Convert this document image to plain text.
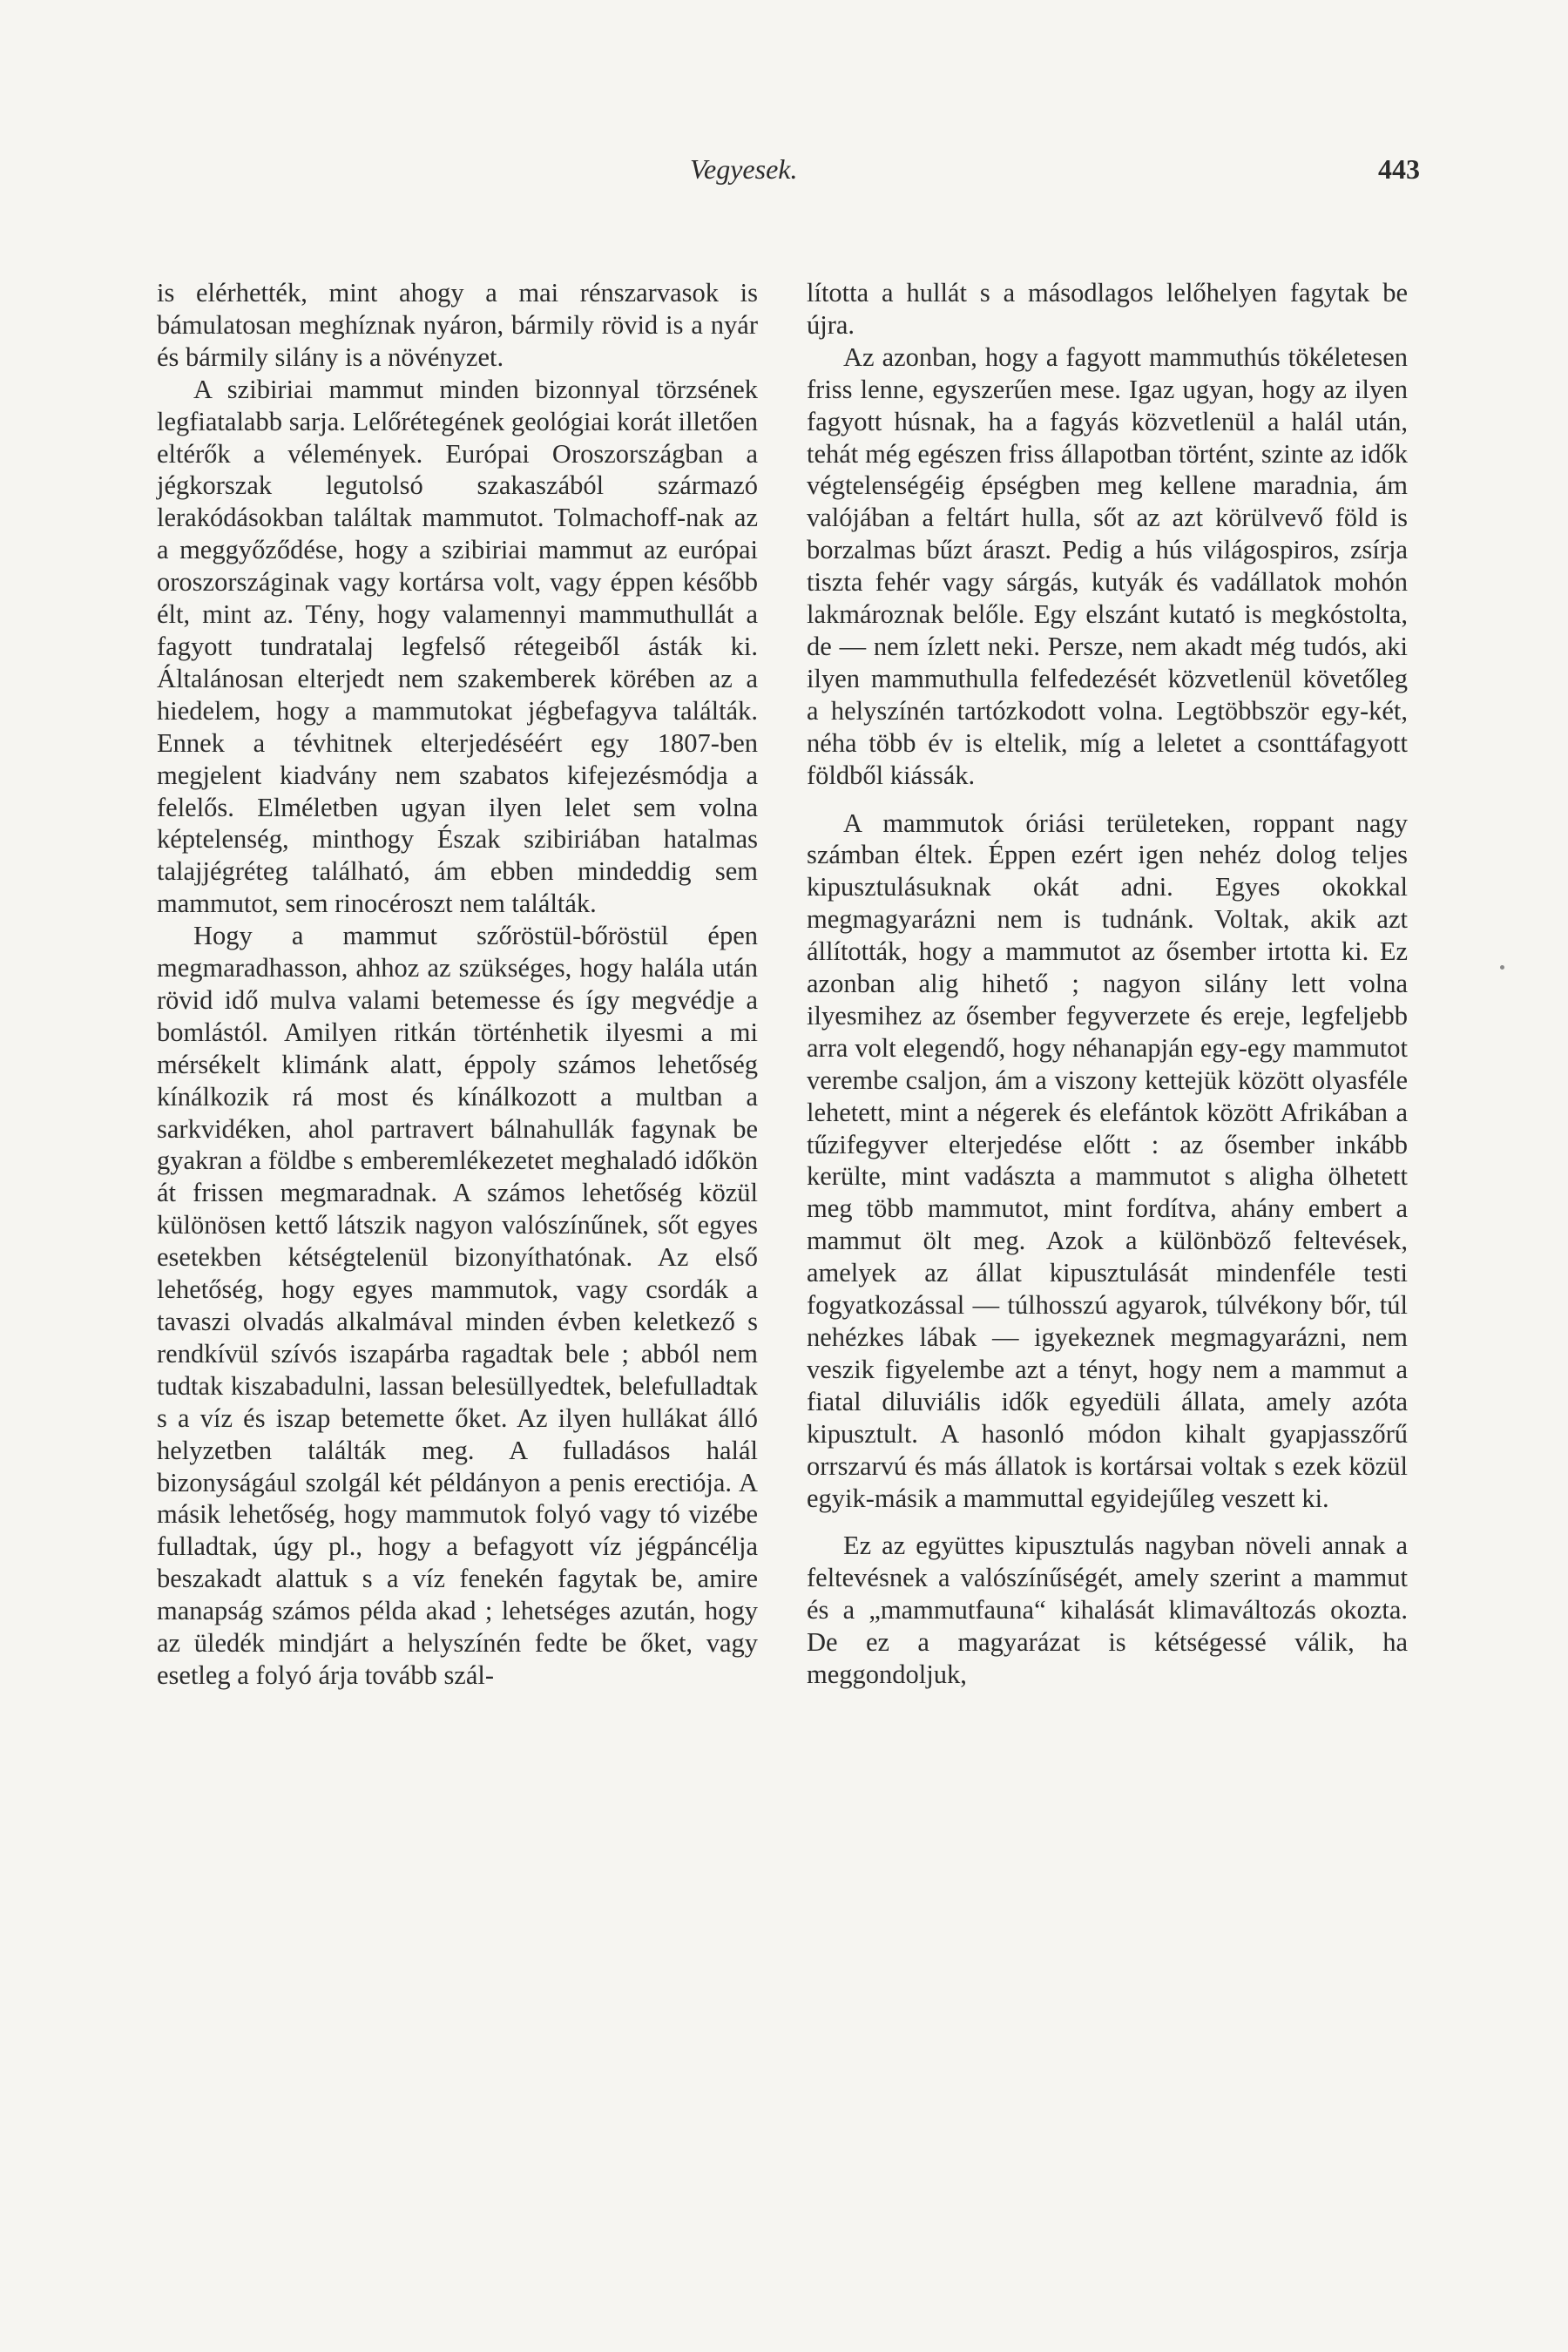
Vegyesek.	443

is elérhették, mint ahogy a mai rénszarvasok is bámulatosan meghíznak nyáron, bármily rövid is a nyár és bármily silány is a növényzet.

A szibiriai mammut minden bizonnyal törzsének legfiatalabb sarja. Lelőrétegének geológiai korát illetően eltérők a vélemények. Európai Oroszországban a jégkorszak legutolsó szakaszából származó lerakódásokban találtak mammutot. Tolmachoff-nak az a meggyőződése, hogy a szibiriai mammut az európai oroszországinak vagy kortársa volt, vagy éppen később élt, mint az. Tény, hogy valamennyi mammuthullát a fagyott tundratalaj legfelső rétegeiből ásták ki. Általánosan elterjedt nem szakemberek körében az a hiedelem, hogy a mammutokat jégbefagyva találták. Ennek a tévhitnek elterjedéséért egy 1807-ben megjelent kiadvány nem szabatos kifejezésmódja a felelős. Elméletben ugyan ilyen lelet sem volna képtelenség, minthogy Észak szibiriában hatalmas talajjégréteg található, ám ebben mindeddig sem mammutot, sem rinocéroszt nem találták.

Hogy a mammut szőröstül-bőröstül épen megmaradhasson, ahhoz az szükséges, hogy halála után rövid idő mulva valami betemesse és így megvédje a bomlástól. Amilyen ritkán történhetik ilyesmi a mi mérsékelt klimánk alatt, éppoly számos lehetőség kínálkozik rá most és kínálkozott a multban a sarkvidéken, ahol partravert bálnahullák fagynak be gyakran a földbe s emberemlékezetet meghaladó időkön át frissen megmaradnak. A számos lehetőség közül különösen kettő látszik nagyon valószínűnek, sőt egyes esetekben kétségtelenül bizonyíthatónak. Az első lehetőség, hogy egyes mammutok, vagy csordák a tavaszi olvadás alkalmával minden évben keletkező s rendkívül szívós iszapárba ragadtak bele ; abból nem tudtak kiszabadulni, lassan belesüllyedtek, belefulladtak s a víz és iszap betemette őket. Az ilyen hullákat álló helyzetben találták meg. A fulladásos halál bizonyságául szolgál két példányon a penis erectiója. A másik lehetőség, hogy mammutok folyó vagy tó vizébe fulladtak, úgy pl., hogy a befagyott víz jégpáncélja beszakadt alattuk s a víz fenekén fagytak be, amire manapság számos példa akad ; lehetséges azután, hogy az üledék mindjárt a helyszínén fedte be őket, vagy esetleg a folyó árja tovább szál-

lította a hullát s a másodlagos lelőhelyen fagytak be újra.

Az azonban, hogy a fagyott mammuthús tökéletesen friss lenne, egyszerűen mese. Igaz ugyan, hogy az ilyen fagyott húsnak, ha a fagyás közvetlenül a halál után, tehát még egészen friss állapotban történt, szinte az idők végtelenségéig épségben meg kellene maradnia, ám valójában a feltárt hulla, sőt az azt körülvevő föld is borzalmas bűzt áraszt. Pedig a hús világospiros, zsírja tiszta fehér vagy sárgás, kutyák és vadállatok mohón lakmároznak belőle. Egy elszánt kutató is megkóstolta, de — nem ízlett neki. Persze, nem akadt még tudós, aki ilyen mammuthulla felfedezését közvetlenül követőleg a helyszínén tartózkodott volna. Legtöbbször egy-két, néha több év is eltelik, míg a leletet a csonttáfagyott földből kiássák.

A mammutok óriási területeken, roppant nagy számban éltek. Éppen ezért igen nehéz dolog teljes kipusztulásuknak okát adni. Egyes okokkal megmagyarázni nem is tudnánk. Voltak, akik azt állították, hogy a mammutot az ősember irtotta ki. Ez azonban alig hihető ; nagyon silány lett volna ilyesmihez az ősember fegyverzete és ereje, legfeljebb arra volt elegendő, hogy néhanapján egy-egy mammutot verembe csaljon, ám a viszony kettejük között olyasféle lehetett, mint a négerek és elefántok között Afrikában a tűzifegyver elterjedése előtt : az ősember inkább kerülte, mint vadászta a mammutot s aligha ölhetett meg több mammutot, mint fordítva, ahány embert a mammut ölt meg. Azok a különböző feltevések, amelyek az állat kipusztulását mindenféle testi fogyatkozással — túlhosszú agyarok, túlvékony bőr, túl nehézkes lábak — igyekeznek megmagyarázni, nem veszik figyelembe azt a tényt, hogy nem a mammut a fiatal diluviális idők egyedüli állata, amely azóta kipusztult. A hasonló módon kihalt gyapjasszőrű orrszarvú és más állatok is kortársai voltak s ezek közül egyik-másik a mammuttal egyidejűleg veszett ki.

Ez az együttes kipusztulás nagyban növeli annak a feltevésnek a valószínűségét, amely szerint a mammut és a „mammutfauna“ kihalását klimaváltozás okozta. De ez a magyarázat is kétségessé válik, ha meggondoljuk,
